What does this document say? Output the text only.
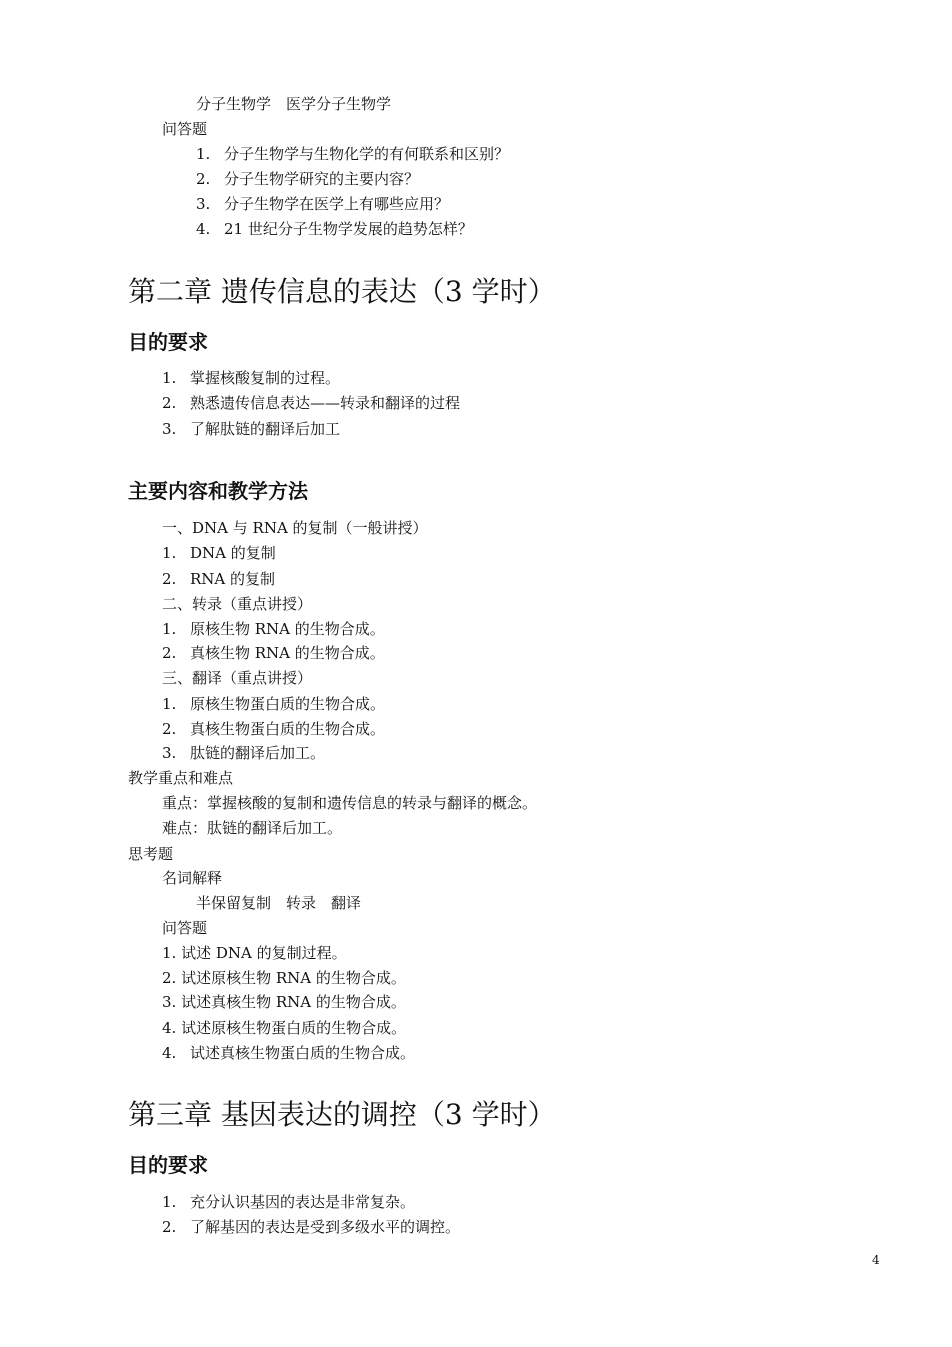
分子生物学　医学分子生物学
问答题
1. 分子生物学与生物化学的有何联系和区别？
2. 分子生物学研究的主要内容？
3. 分子生物学在医学上有哪些应用？
4. 21 世纪分子生物学发展的趋势怎样？
第二章 遗传信息的表达（3 学时）
目的要求
1. 掌握核酸复制的过程。
2. 熟悉遗传信息表达——转录和翻译的过程
3. 了解肽链的翻译后加工
主要内容和教学方法
一、DNA 与 RNA 的复制（一般讲授）
1. DNA 的复制
2. RNA 的复制
二、转录（重点讲授）
1. 原核生物 RNA 的生物合成。
2. 真核生物 RNA 的生物合成。
三、翻译（重点讲授）
1. 原核生物蛋白质的生物合成。
2. 真核生物蛋白质的生物合成。
3. 肽链的翻译后加工。
教学重点和难点
重点：掌握核酸的复制和遗传信息的转录与翻译的概念。
难点：肽链的翻译后加工。
思考题
名词解释
半保留复制　转录　翻译
问答题
1. 试述 DNA 的复制过程。
2. 试述原核生物 RNA 的生物合成。
3. 试述真核生物 RNA 的生物合成。
4. 试述原核生物蛋白质的生物合成。
4. 试述真核生物蛋白质的生物合成。
第三章 基因表达的调控（3 学时）
目的要求
1. 充分认识基因的表达是非常复杂。
2. 了解基因的表达是受到多级水平的调控。
4
